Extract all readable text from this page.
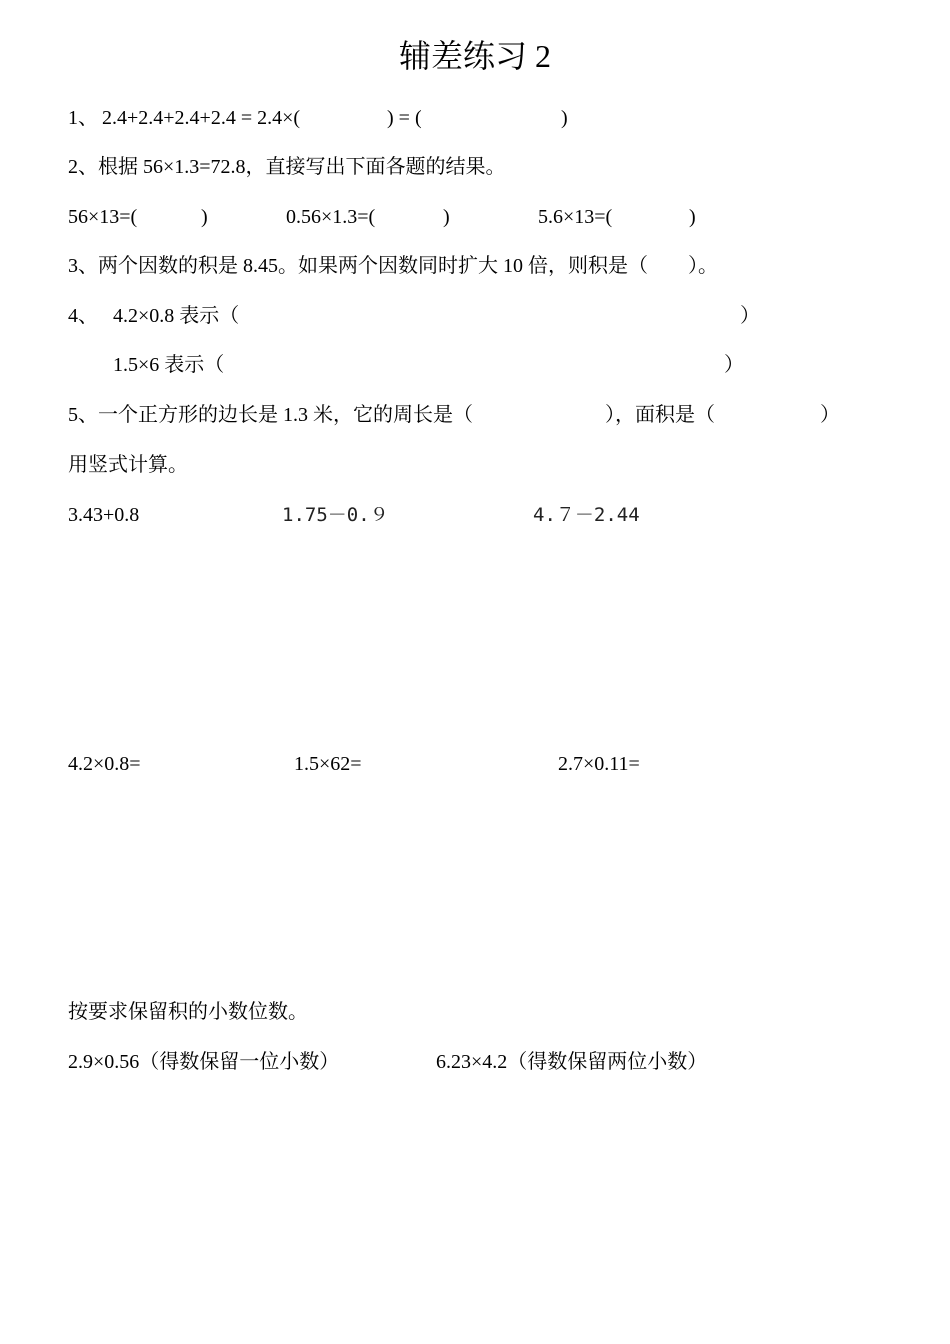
辅差练习 2
1、 2.4+2.4+2.4+2.4 = 2.4×(	) = (	)
2、根据 56×1.3=72.8，直接写出下面各题的结果。
56×13=(	)	0.56×1.3=(	)	5.6×13=(	)
3、两个因数的积是 8.45。如果两个因数同时扩大 10 倍，则积是（        ）。
4、 4.2×0.8 表示（	）
1.5×6 表示（	）
5、一个正方形的边长是 1.3 米，它的周长是（	），面积是（	）
用竖式计算。
3.43+0.8	1.75－0.９	4.７－2.44
4.2×0.8=	1.5×62=	2.7×0.11=
按要求保留积的小数位数。
2.9×0.56（得数保留一位小数）	6.23×4.2（得数保留两位小数）
